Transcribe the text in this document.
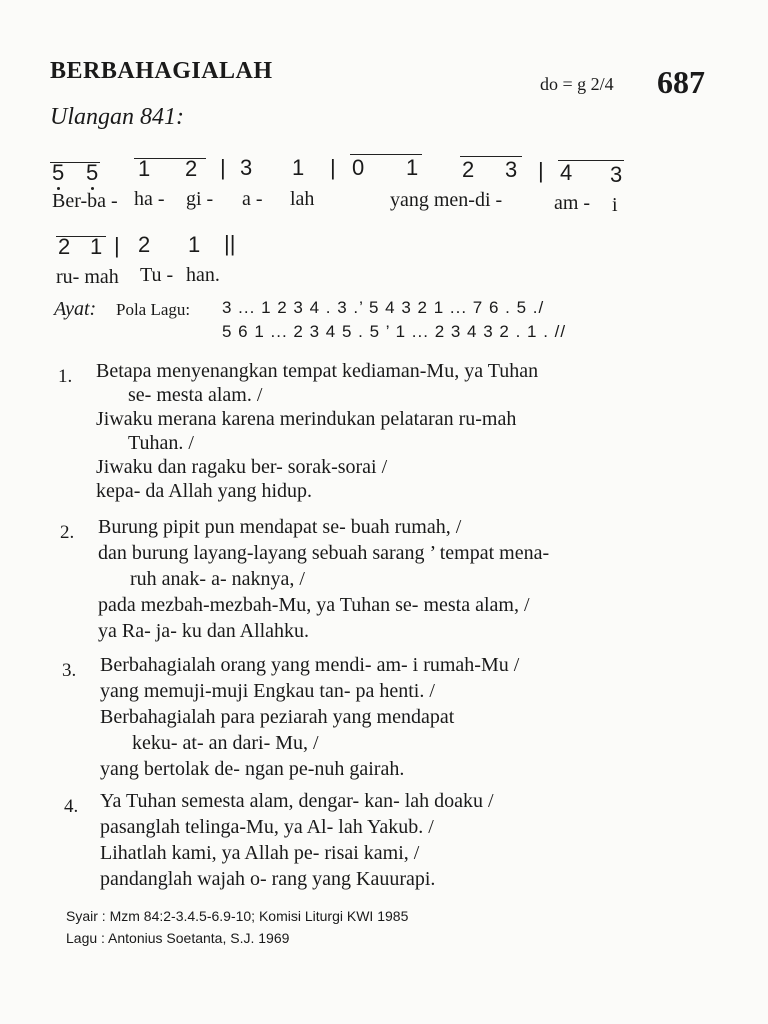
BERBAHAGIALAH	do = g 2/4 687
Ulangan 841:
5 5 1 2 | 3 1 | 0 1 2 3 | 4 3
Ber-ba - ha - gi - a - lah	yang men-di -	am - i
2 1 | 2 1 ||
ru- mah Tu - han.
Ayat: Pola Lagu: 3 ... 1 2 3 4 . 3 .’ 5 4 3 2 1 ... 7 6 . 5 ./
5 6 1 ... 2 3 4 5 . 5 ’ 1 ... 2 3 4 3 2 . 1 . //
1. Betapa menyenangkan tempat kediaman-Mu, ya Tuhan
se- mesta alam. /
Jiwaku merana karena merindukan pelataran ru-mah
Tuhan. /
Jiwaku dan ragaku ber- sorak-sorai /
kepa- da Allah yang hidup.
2. Burung pipit pun mendapat se- buah rumah, /
dan burung layang-layang sebuah sarang ’ tempat mena-
ruh anak- a- naknya, /
pada mezbah-mezbah-Mu, ya Tuhan se- mesta alam, /
ya Ra- ja- ku dan Allahku.
3. Berbahagialah orang yang mendi- am- i rumah-Mu /
yang memuji-muji Engkau tan- pa henti. /
Berbahagialah para peziarah yang mendapat
keku- at- an dari- Mu, /
yang bertolak de- ngan pe-nuh gairah.
4. Ya Tuhan semesta alam, dengar- kan- lah doaku /
pasanglah telinga-Mu, ya Al- lah Yakub. /
Lihatlah kami, ya Allah pe- risai kami, /
pandanglah wajah o- rang yang Kauurapi.
Syair : Mzm 84:2-3.4.5-6.9-10; Komisi Liturgi KWI 1985
Lagu : Antonius Soetanta, S.J. 1969
